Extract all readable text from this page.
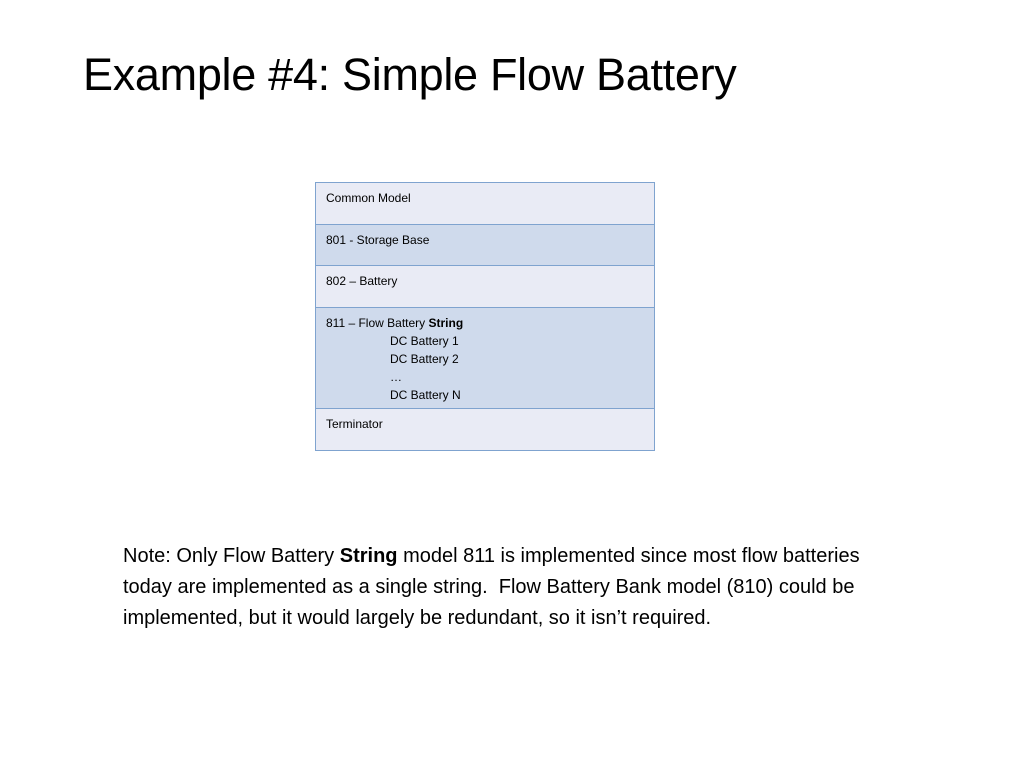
Example #4: Simple Flow Battery
Common Model
801 - Storage Base
802 – Battery
811 – Flow Battery String
DC Battery 1
DC Battery 2
…
DC Battery N
Terminator

Note: Only Flow Battery String model 811 is implemented since most flow batteries today are implemented as a single string.  Flow Battery Bank model (810) could be implemented, but it would largely be redundant, so it isn’t required.
